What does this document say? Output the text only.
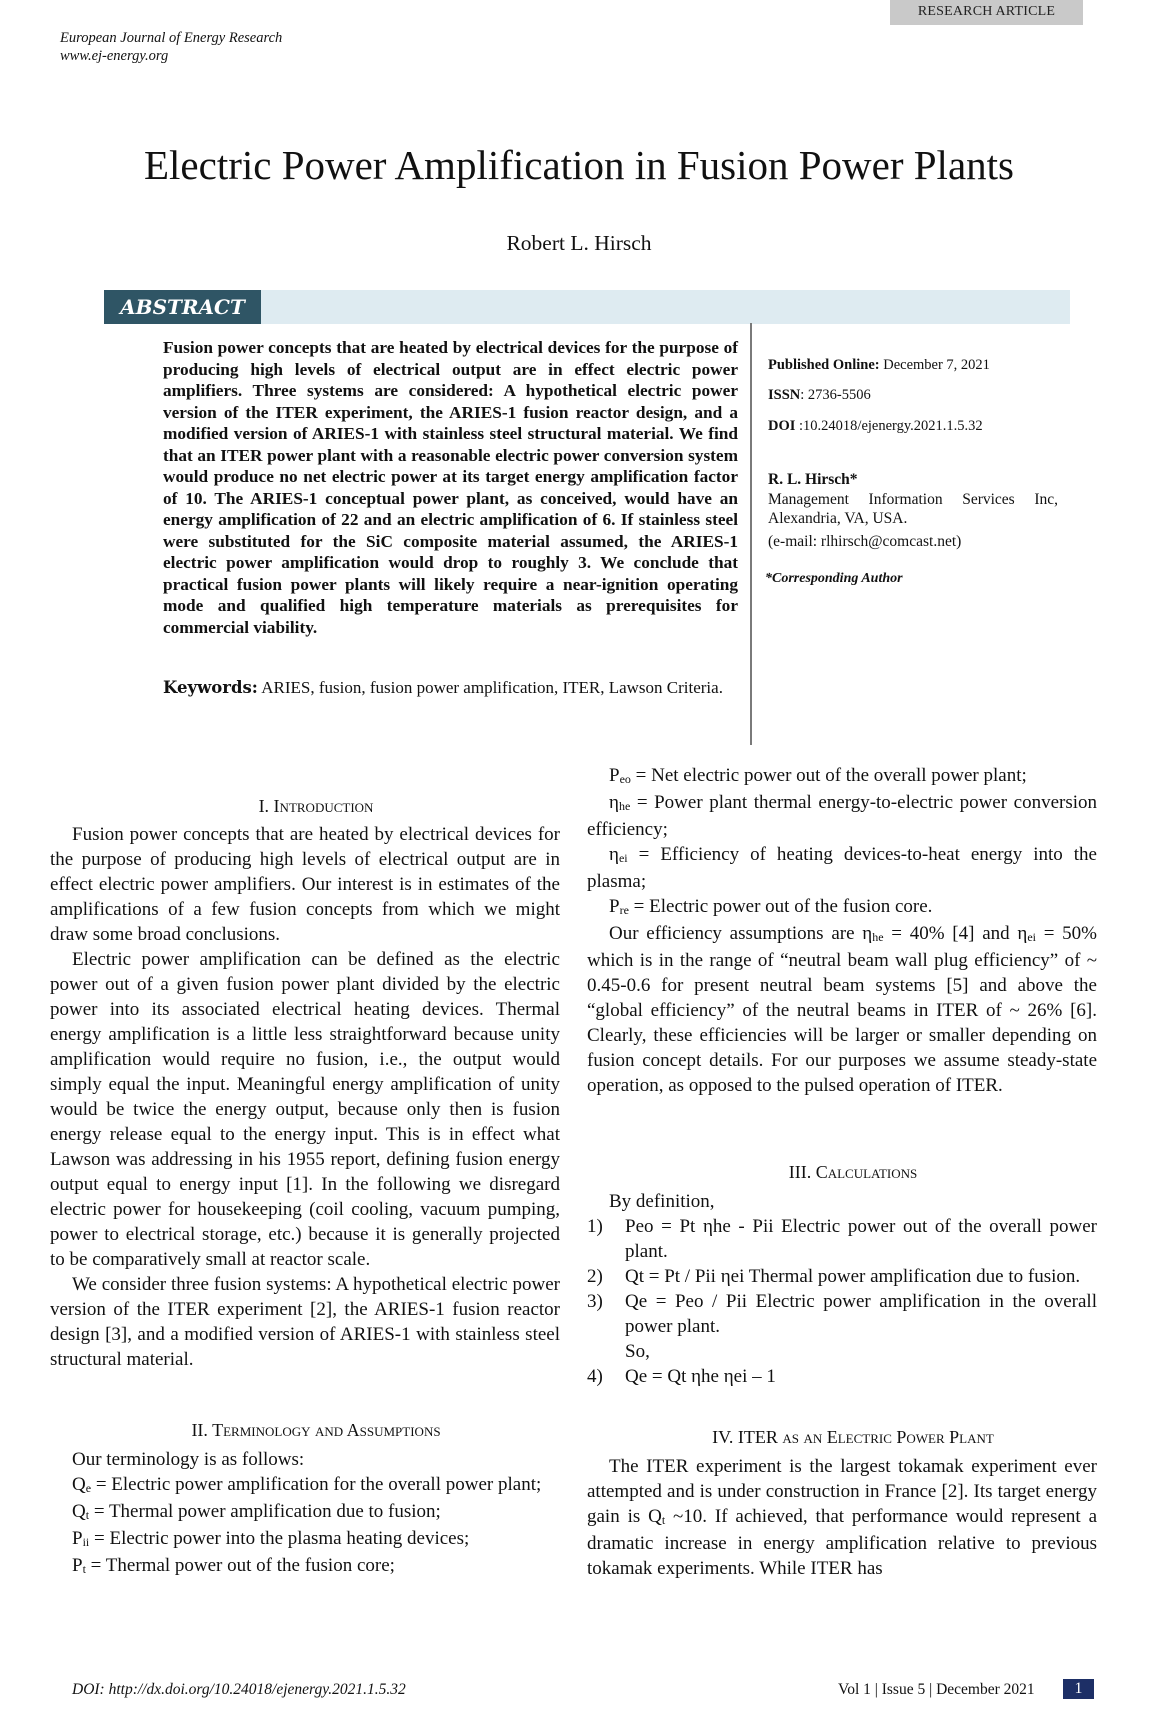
RESEARCH ARTICLE
European Journal of Energy Research
www.ej-energy.org
Electric Power Amplification in Fusion Power Plants
Robert L. Hirsch
ABSTRACT
Fusion power concepts that are heated by electrical devices for the purpose of producing high levels of electrical output are in effect electric power amplifiers. Three systems are considered: A hypothetical electric power version of the ITER experiment, the ARIES-1 fusion reactor design, and a modified version of ARIES-1 with stainless steel structural material. We find that an ITER power plant with a reasonable electric power conversion system would produce no net electric power at its target energy amplification factor of 10. The ARIES-1 conceptual power plant, as conceived, would have an energy amplification of 22 and an electric amplification of 6. If stainless steel were substituted for the SiC composite material assumed, the ARIES-1 electric power amplification would drop to roughly 3. We conclude that practical fusion power plants will likely require a near-ignition operating mode and qualified high temperature materials as prerequisites for commercial viability.
Keywords: ARIES, fusion, fusion power amplification, ITER, Lawson Criteria.
Published Online: December 7, 2021
ISSN: 2736-5506
DOI :10.24018/ejenergy.2021.1.5.32
R. L. Hirsch*
Management Information Services Inc, Alexandria, VA, USA.
(e-mail: rlhirsch@comcast.net)
*Corresponding Author

I. Introduction

Fusion power concepts that are heated by electrical devices for the purpose of producing high levels of electrical output are in effect electric power amplifiers. Our interest is in estimates of the amplifications of a few fusion concepts from which we might draw some broad conclusions.

Electric power amplification can be defined as the electric power out of a given fusion power plant divided by the electric power into its associated electrical heating devices. Thermal energy amplification is a little less straightforward because unity amplification would require no fusion, i.e., the output would simply equal the input. Meaningful energy amplification of unity would be twice the energy output, because only then is fusion energy release equal to the energy input. This is in effect what Lawson was addressing in his 1955 report, defining fusion energy output equal to energy input [1]. In the following we disregard electric power for housekeeping (coil cooling, vacuum pumping, power to electrical storage, etc.) because it is generally projected to be comparatively small at reactor scale.

We consider three fusion systems: A hypothetical electric power version of the ITER experiment [2], the ARIES-1 fusion reactor design [3], and a modified version of ARIES-1 with stainless steel structural material.

II. Terminology and Assumptions

Our terminology is as follows:

Qe = Electric power amplification for the overall power plant;

Qt = Thermal power amplification due to fusion;

Pii = Electric power into the plasma heating devices;

Pt = Thermal power out of the fusion core;

Peo = Net electric power out of the overall power plant;

ηhe = Power plant thermal energy-to-electric power conversion efficiency;

ηei = Efficiency of heating devices-to-heat energy into the plasma;

Pre = Electric power out of the fusion core.

Our efficiency assumptions are ηhe = 40% [4] and ηei = 50% which is in the range of “neutral beam wall plug efficiency” of ~ 0.45-0.6 for present neutral beam systems [5] and above the “global efficiency” of the neutral beams in ITER of ~ 26% [6]. Clearly, these efficiencies will be larger or smaller depending on fusion concept details. For our purposes we assume steady-state operation, as opposed to the pulsed operation of ITER.

III. Calculations

By definition,

1)	Peo = Pt ηhe - Pii Electric power out of the overall power plant.
2)	Qt = Pt / Pii ηei Thermal power amplification due to fusion.
3)	Qe = Peo / Pii Electric power amplification in the overall power plant.
So,
4)	Qe = Qt ηhe ηei – 1

IV. ITER as an Electric Power Plant

The ITER experiment is the largest tokamak experiment ever attempted and is under construction in France [2]. Its target energy gain is Qt ~10. If achieved, that performance would represent a dramatic increase in energy amplification relative to previous tokamak experiments. While ITER has

DOI: http://dx.doi.org/10.24018/ejenergy.2021.1.5.32	Vol 1 | Issue 5 | December 2021	1
